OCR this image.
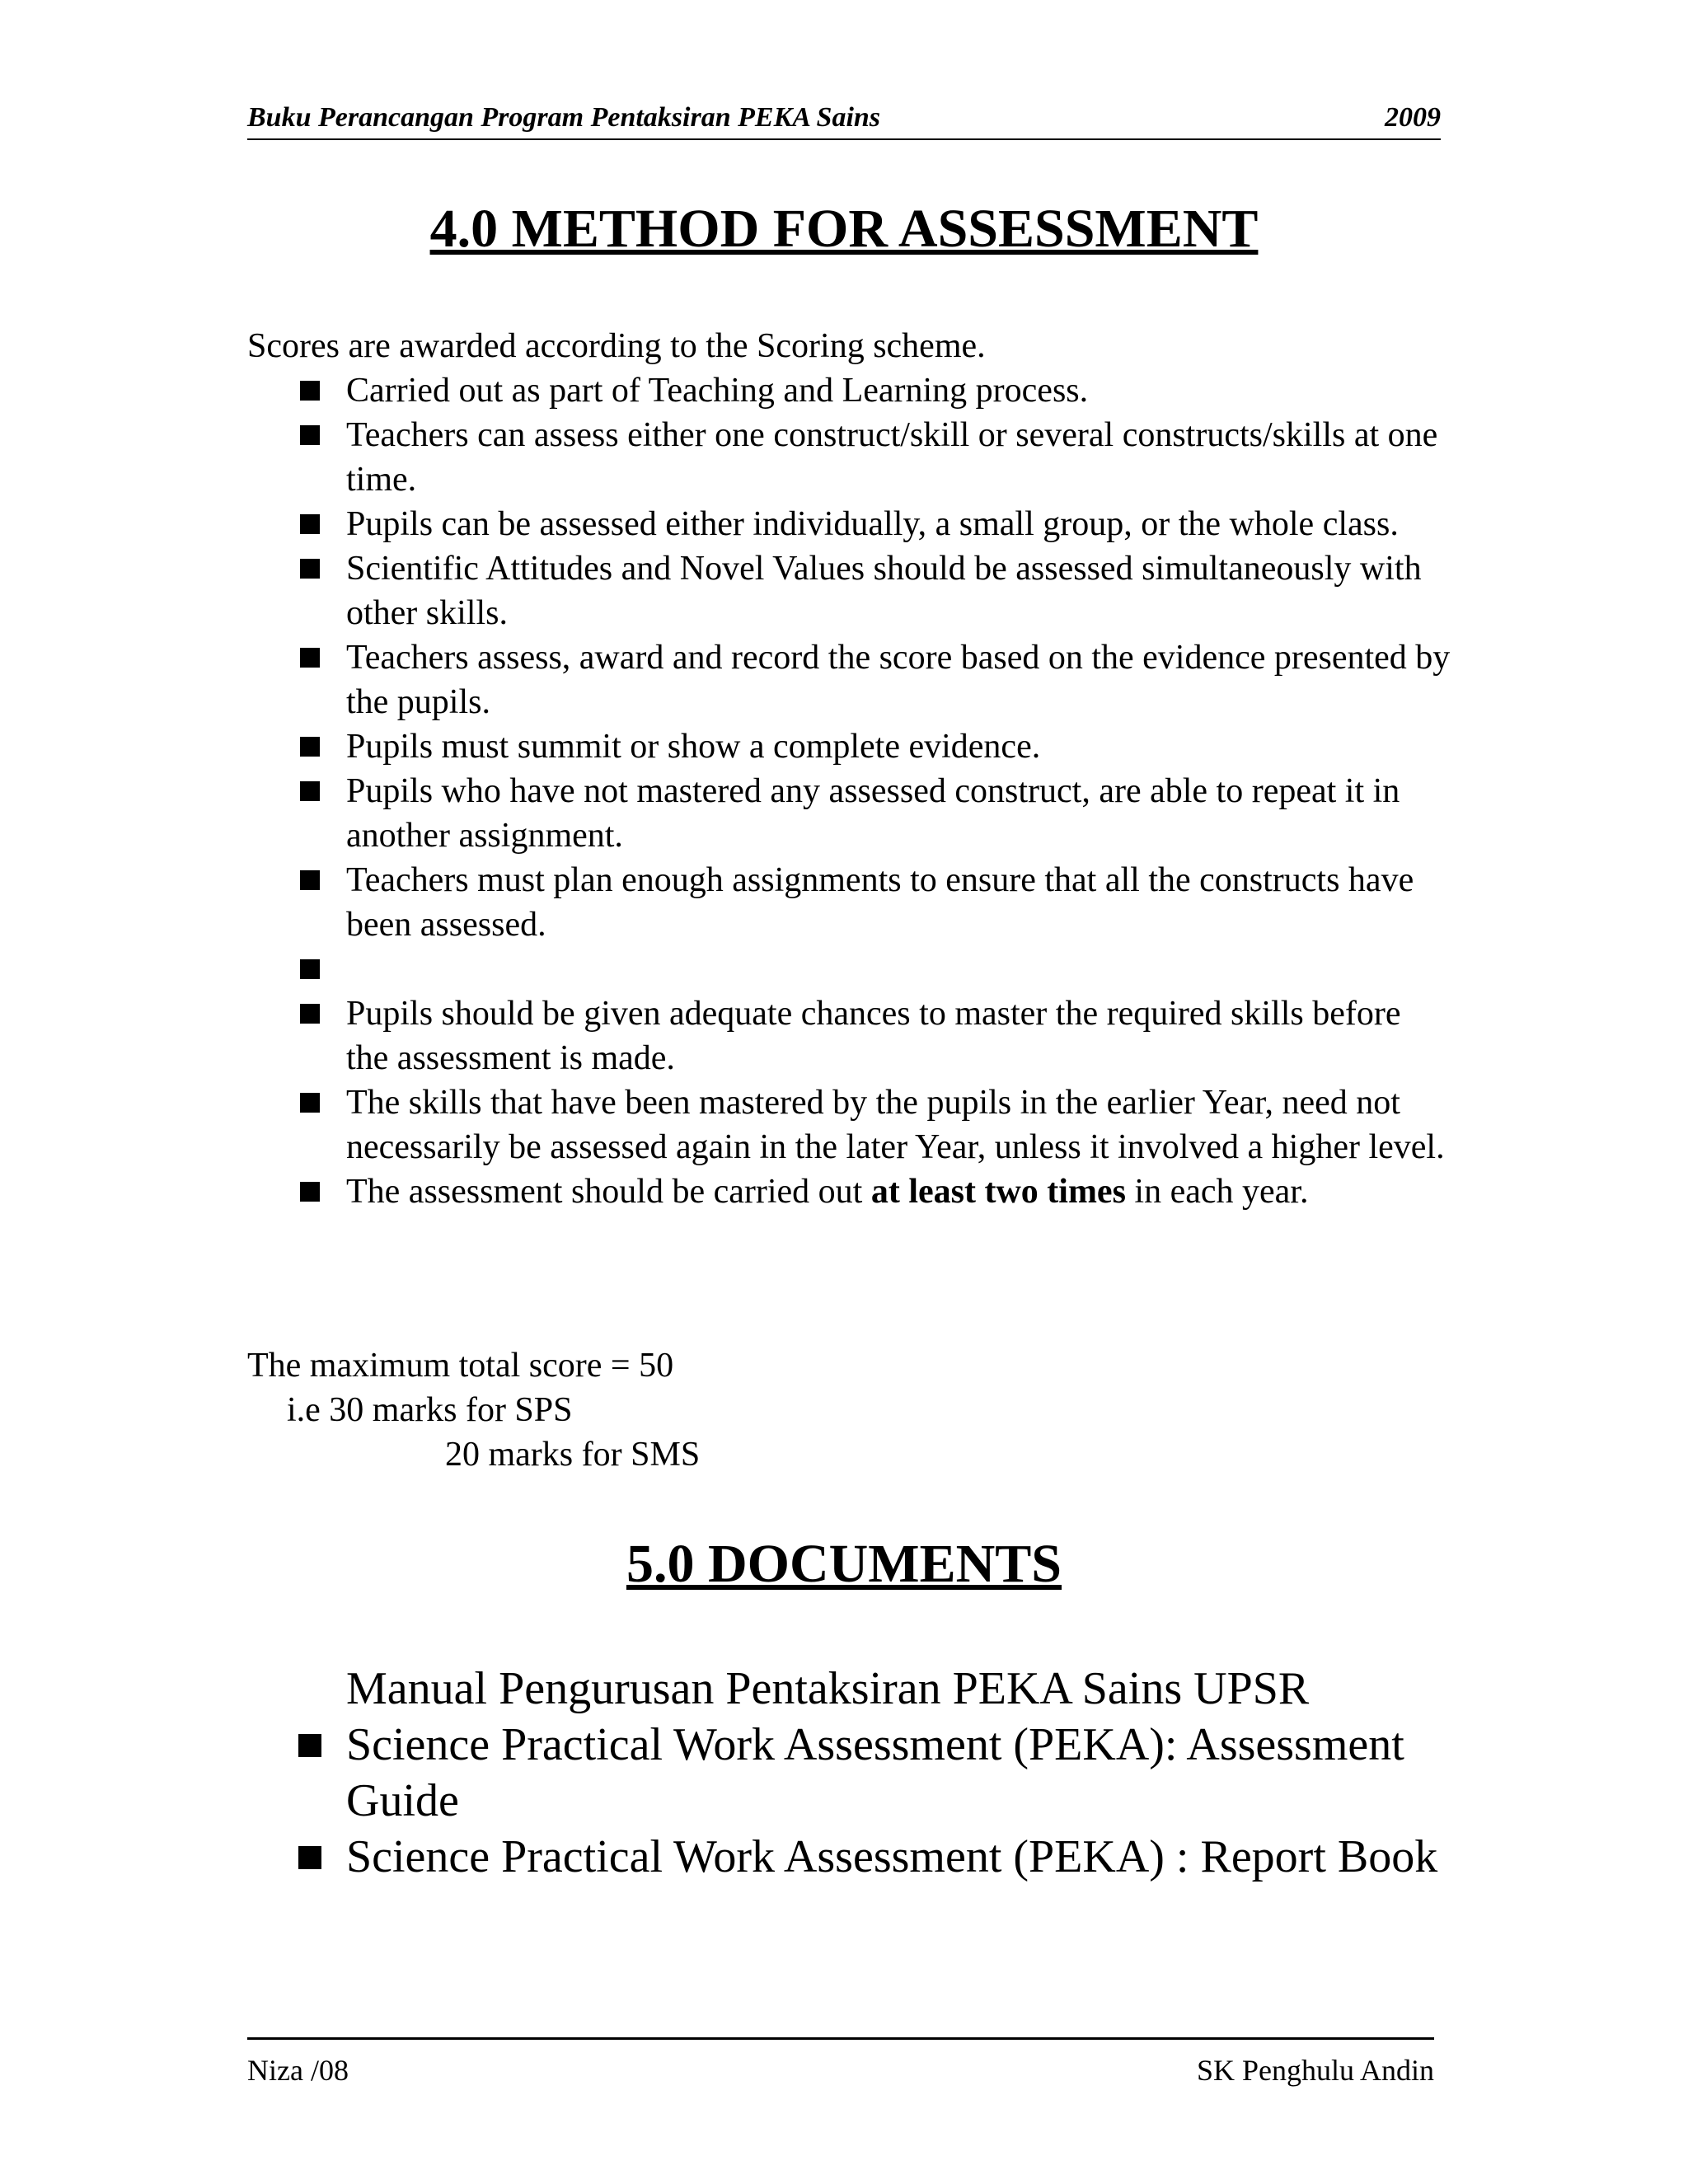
Buku Perancangan Program Pentaksiran PEKA Sains	2009
4.0 METHOD FOR ASSESSMENT
Scores are awarded according to the Scoring scheme.
Carried out as part of Teaching and Learning process.
Teachers can assess either one construct/skill or several constructs/skills at one time.
Pupils can be assessed either individually, a small group, or the whole class.
Scientific Attitudes and Novel Values should be assessed simultaneously with other skills.
Teachers assess, award and record the score based on the evidence presented by the pupils.
Pupils must summit or show a complete evidence.
Pupils who have not mastered any assessed construct, are able to repeat it in another assignment.
Teachers must plan enough assignments to ensure that all the constructs have been assessed.
Pupils should be given adequate chances to master the required skills before the assessment is made.
The skills that have been mastered by the pupils in the earlier Year, need not necessarily be assessed again in the later Year, unless it involved a higher level.
The assessment should be carried out at least two times in each year.
The maximum total score = 50
i.e 30 marks for SPS
20 marks for SMS
5.0 DOCUMENTS
Manual Pengurusan Pentaksiran PEKA Sains UPSR
Science Practical Work Assessment (PEKA): Assessment Guide
Science Practical Work Assessment (PEKA) : Report Book
Niza /08	SK Penghulu Andin
